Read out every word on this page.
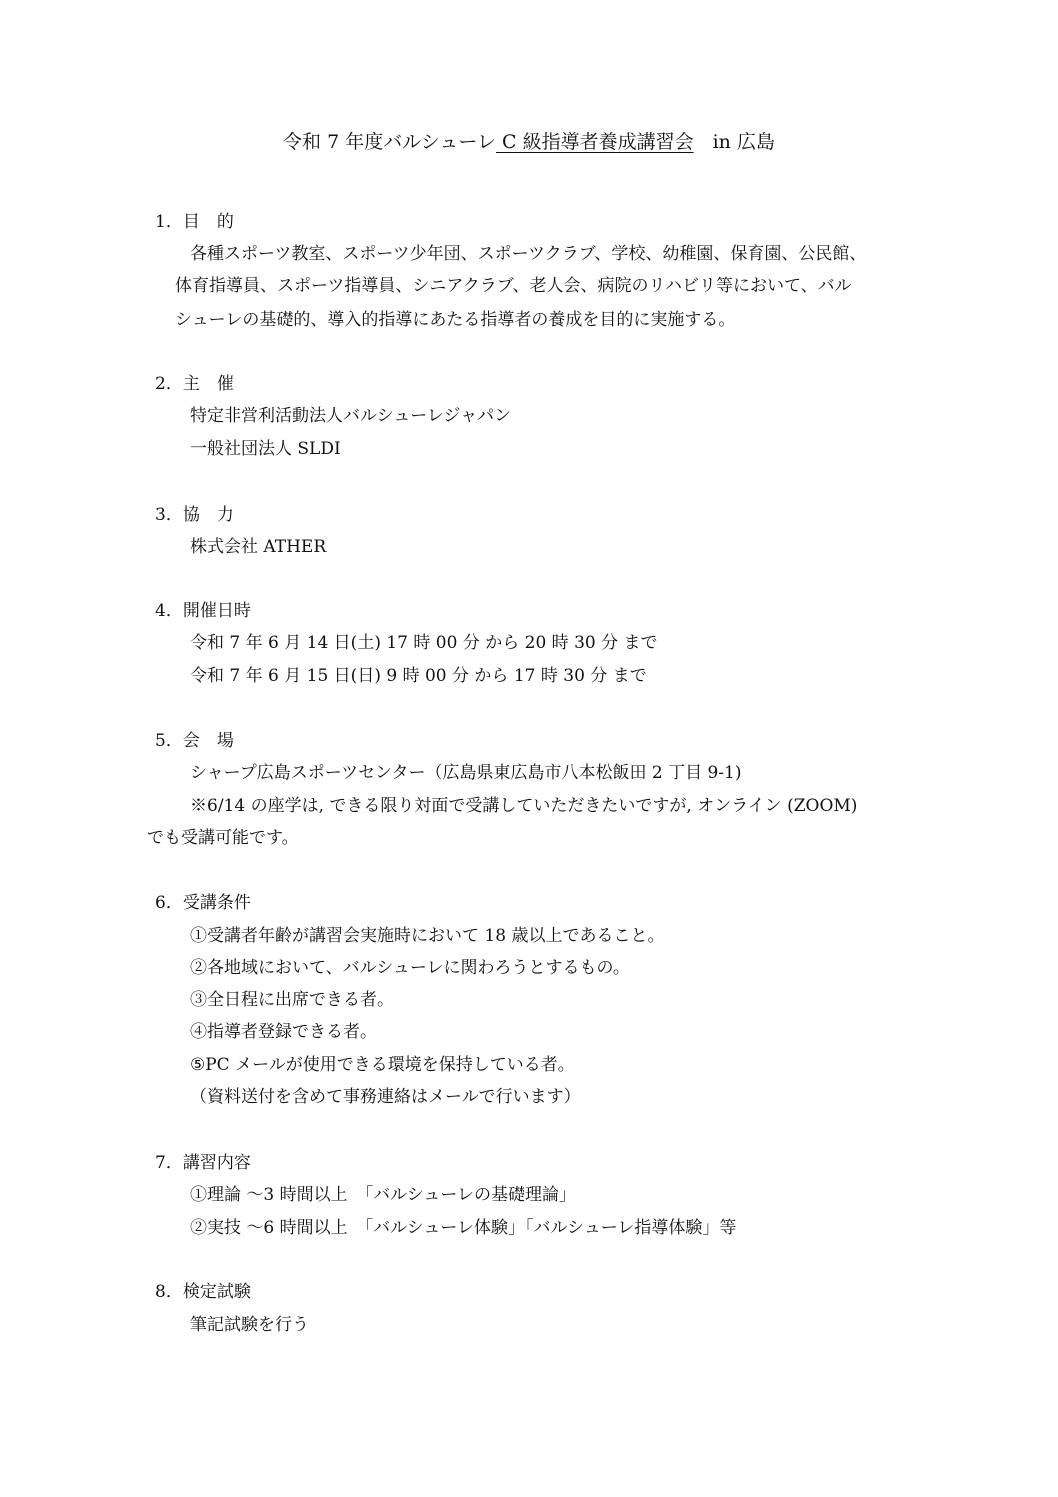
令和 7 年度バルシューレ C 級指導者養成講習会　in 広島
1．目　的
各種スポーツ教室、スポーツ少年団、スポーツクラブ、学校、幼稚園、保育園、公民館、
体育指導員、スポーツ指導員、シニアクラブ、老人会、病院のリハビリ等において、バル
シューレの基礎的、導入的指導にあたる指導者の養成を目的に実施する。
2．主　催
特定非営利活動法人バルシューレジャパン
一般社団法人 SLDI
3．協　力
株式会社 ATHER
4．開催日時
令和 7 年 6 月 14 日(土) 17 時 00 分 から 20 時 30 分 まで
令和 7 年 6 月 15 日(日) 9 時 00 分 から 17 時 30 分 まで
5．会　場
シャープ広島スポーツセンター（広島県東広島市八本松飯田 2 丁目 9-1)
※6/14 の座学は, できる限り対面で受講していただきたいですが, オンライン (ZOOM)
でも受講可能です。
6．受講条件
①受講者年齢が講習会実施時において 18 歳以上であること。
②各地域において、バルシューレに関わろうとするもの。
③全日程に出席できる者。
④指導者登録できる者。
⑤PC メールが使用できる環境を保持している者。
（資料送付を含めて事務連絡はメールで行います）
7．講習内容
①理論 〜3 時間以上　「バルシューレの基礎理論」
②実技 〜6 時間以上　「バルシューレ体験」「バルシューレ指導体験」等
8．検定試験
筆記試験を行う
